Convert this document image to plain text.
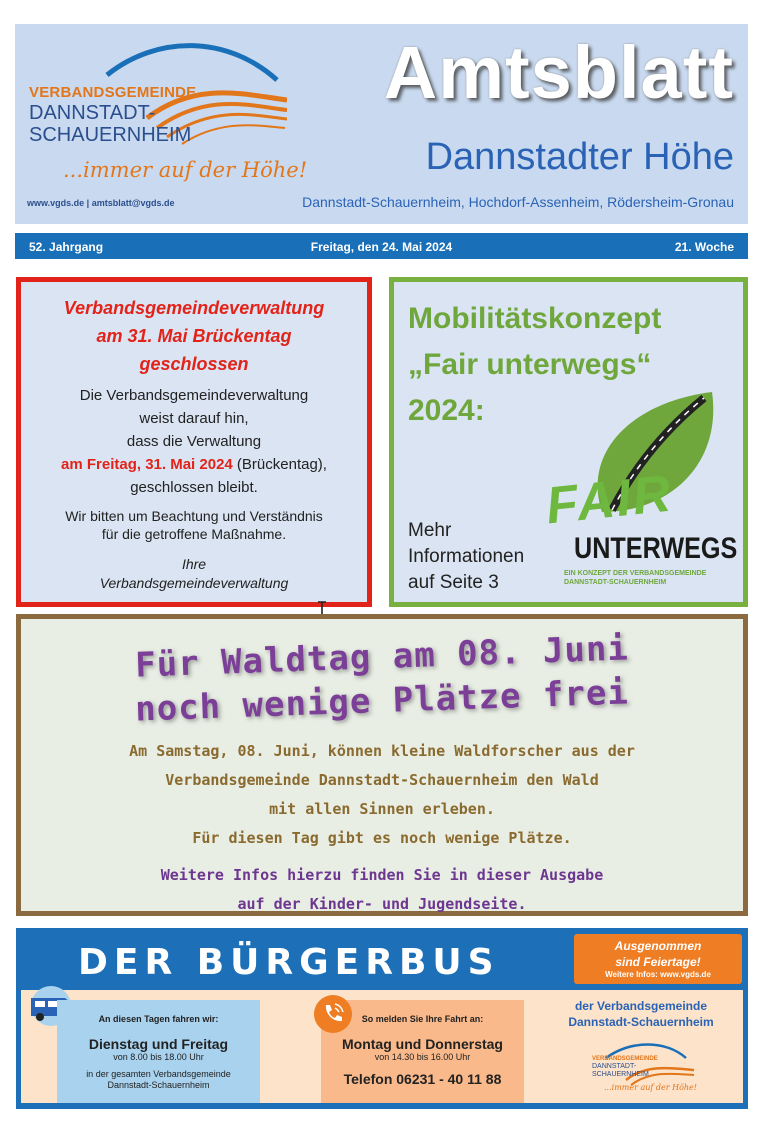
VERBANDSGEMEINDE
DANNSTADT-
SCHAUERNHEIM
...immer auf der Höhe!
www.vgds.de | amtsblatt@vgds.de
Amtsblatt
Dannstadter Höhe
Dannstadt-Schauernheim, Hochdorf-Assenheim, Rödersheim-Gronau
52. Jahrgang	Freitag, den 24. Mai 2024	21. Woche
Verbandsgemeindeverwaltung
am 31. Mai Brückentag
geschlossen
Die Verbandsgemeindeverwaltung
weist darauf hin,
dass die Verwaltung
am Freitag, 31. Mai 2024 (Brückentag),
geschlossen bleibt.
Wir bitten um Beachtung und Verständnis
für die getroffene Maßnahme.
Ihre
Verbandsgemeindeverwaltung
Mobilitätskonzept
„Fair unterwegs“
2024:
FAIR
UNTERWEGS
EIN KONZEPT DER VERBANDSGEMEINDE
DANNSTADT-SCHAUERNHEIM
Mehr
Informationen
auf Seite 3
Für Waldtag am 08. Juni
noch wenige Plätze frei
Am Samstag, 08. Juni, können kleine Waldforscher aus der
Verbandsgemeinde Dannstadt-Schauernheim den Wald
mit allen Sinnen erleben.
Für diesen Tag gibt es noch wenige Plätze.
Weitere Infos hierzu finden Sie in dieser Ausgabe
auf der Kinder- und Jugendseite.
DER BÜRGERBUS	Ausgenommen
sind Feiertage!
Weitere Infos: www.vgds.de
An diesen Tagen fahren wir:
Dienstag und Freitag
von 8.00 bis 18.00 Uhr
in der gesamten Verbandsgemeinde
Dannstadt-Schauernheim
So melden Sie Ihre Fahrt an:
Montag und Donnerstag
von 14.30 bis 16.00 Uhr
Telefon 06231 - 40 11 88
der Verbandsgemeinde
Dannstadt-Schauernheim
VERBANDSGEMEINDE
DANNSTADT-
SCHAUERNHEIM
...immer auf der Höhe!
